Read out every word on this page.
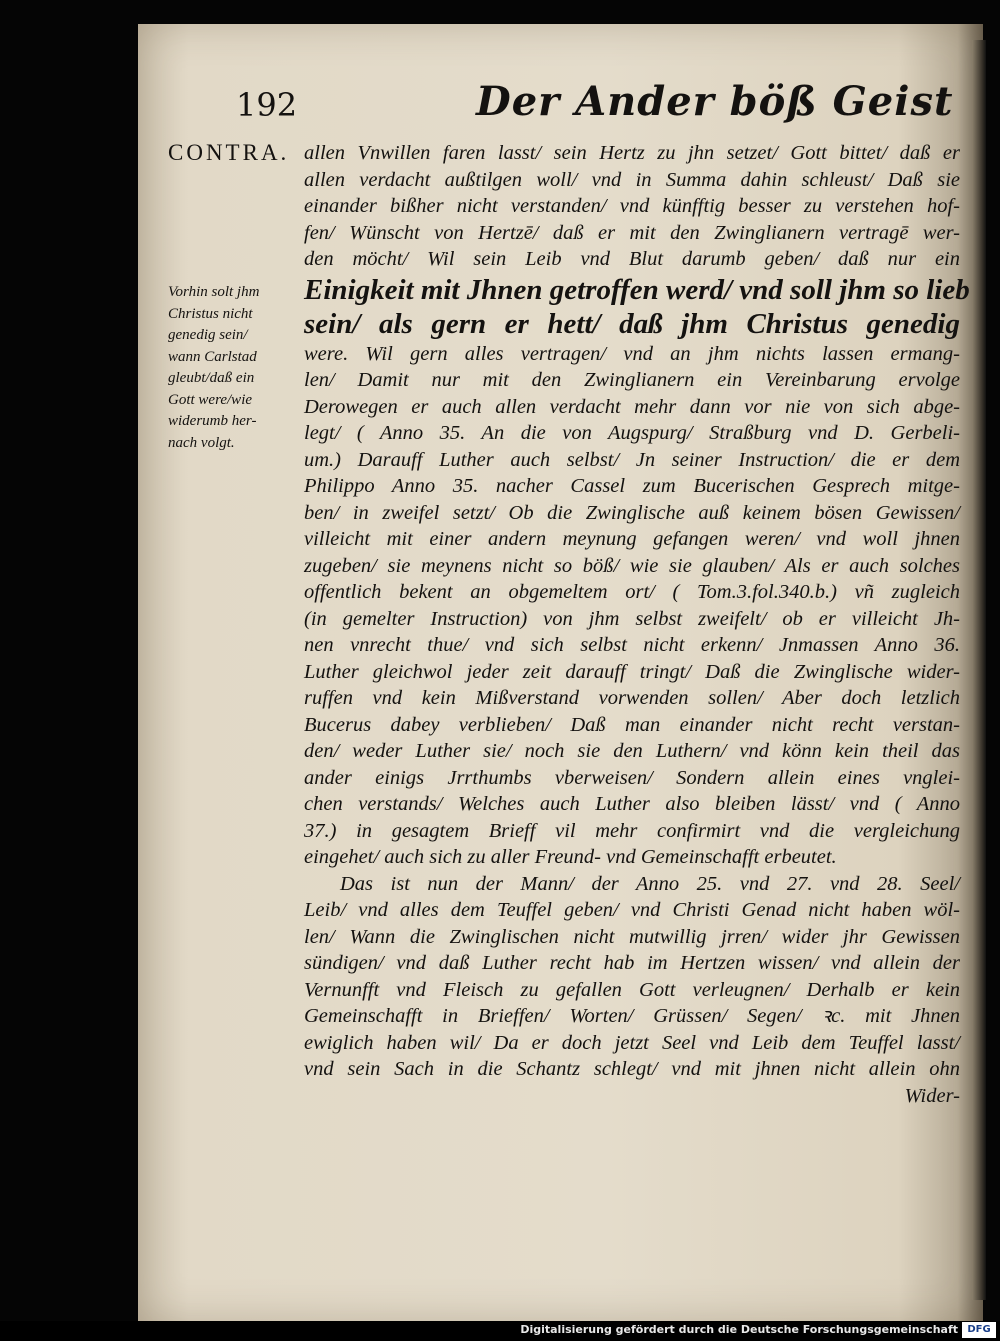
192	Der Ander böß Geist
CONTRA.
Vorhin solt jhm
Christus nicht
genedig sein/
wann Carlstad
gleubt/daß ein
Gott were/wie
widerumb her-
nach volgt.
allen Vnwillen faren lasst/ sein Hertz zu jhn setzet/ Gott bittet/ daß er
allen verdacht außtilgen woll/ vnd in Summa dahin schleust/ Daß sie
einander bißher nicht verstanden/ vnd künfftig besser zu verstehen hof-
fen/ Wünscht von Hertzē/ daß er mit den Zwinglianern vertragē wer-
den möcht/ Wil sein Leib vnd Blut darumb geben/ daß nur ein
Einigkeit mit Jhnen getroffen werd/ vnd soll jhm so lieb
sein/ als gern er hett/ daß jhm Christus genedig
were. Wil gern alles vertragen/ vnd an jhm nichts lassen ermang-
len/ Damit nur mit den Zwinglianern ein Vereinbarung ervolge
Derowegen er auch allen verdacht mehr dann vor nie von sich abge-
legt/ ( Anno 35. An die von Augspurg/ Straßburg vnd D. Gerbeli-
um.) Darauff Luther auch selbst/ Jn seiner Instruction/ die er dem
Philippo Anno 35. nacher Cassel zum Bucerischen Gesprech mitge-
ben/ in zweifel setzt/ Ob die Zwinglische auß keinem bösen Gewissen/
villeicht mit einer andern meynung gefangen weren/ vnd woll jhnen
zugeben/ sie meynens nicht so böß/ wie sie glauben/ Als er auch solches
offentlich bekent an obgemeltem ort/ ( Tom.3.fol.340.b.) vñ zugleich
(in gemelter Instruction) von jhm selbst zweifelt/ ob er villeicht Jh-
nen vnrecht thue/ vnd sich selbst nicht erkenn/ Jnmassen Anno 36.
Luther gleichwol jeder zeit darauff tringt/ Daß die Zwinglische wider-
ruffen vnd kein Mißverstand vorwenden sollen/ Aber doch letzlich
Bucerus dabey verblieben/ Daß man einander nicht recht verstan-
den/ weder Luther sie/ noch sie den Luthern/ vnd könn kein theil das
ander einigs Jrrthumbs vberweisen/ Sondern allein eines vnglei-
chen verstands/ Welches auch Luther also bleiben lässt/ vnd ( Anno
37.) in gesagtem Brieff vil mehr confirmirt vnd die vergleichung
eingehet/ auch sich zu aller Freund- vnd Gemeinschafft erbeutet.
Das ist nun der Mann/ der Anno 25. vnd 27. vnd 28. Seel/
Leib/ vnd alles dem Teuffel geben/ vnd Christi Genad nicht haben wöl-
len/ Wann die Zwinglischen nicht mutwillig jrren/ wider jhr Gewissen
sündigen/ vnd daß Luther recht hab im Hertzen wissen/ vnd allein der
Vernunfft vnd Fleisch zu gefallen Gott verleugnen/ Derhalb er kein
Gemeinschafft in Brieffen/ Worten/ Grüssen/ Segen/ ꝛc. mit Jhnen
ewiglich haben wil/ Da er doch jetzt Seel vnd Leib dem Teuffel lasst/
vnd sein Sach in die Schantz schlegt/ vnd mit jhnen nicht allein ohn
Wider-
Digitalisierung gefördert durch die Deutsche Forschungsgemeinschaft DFG
